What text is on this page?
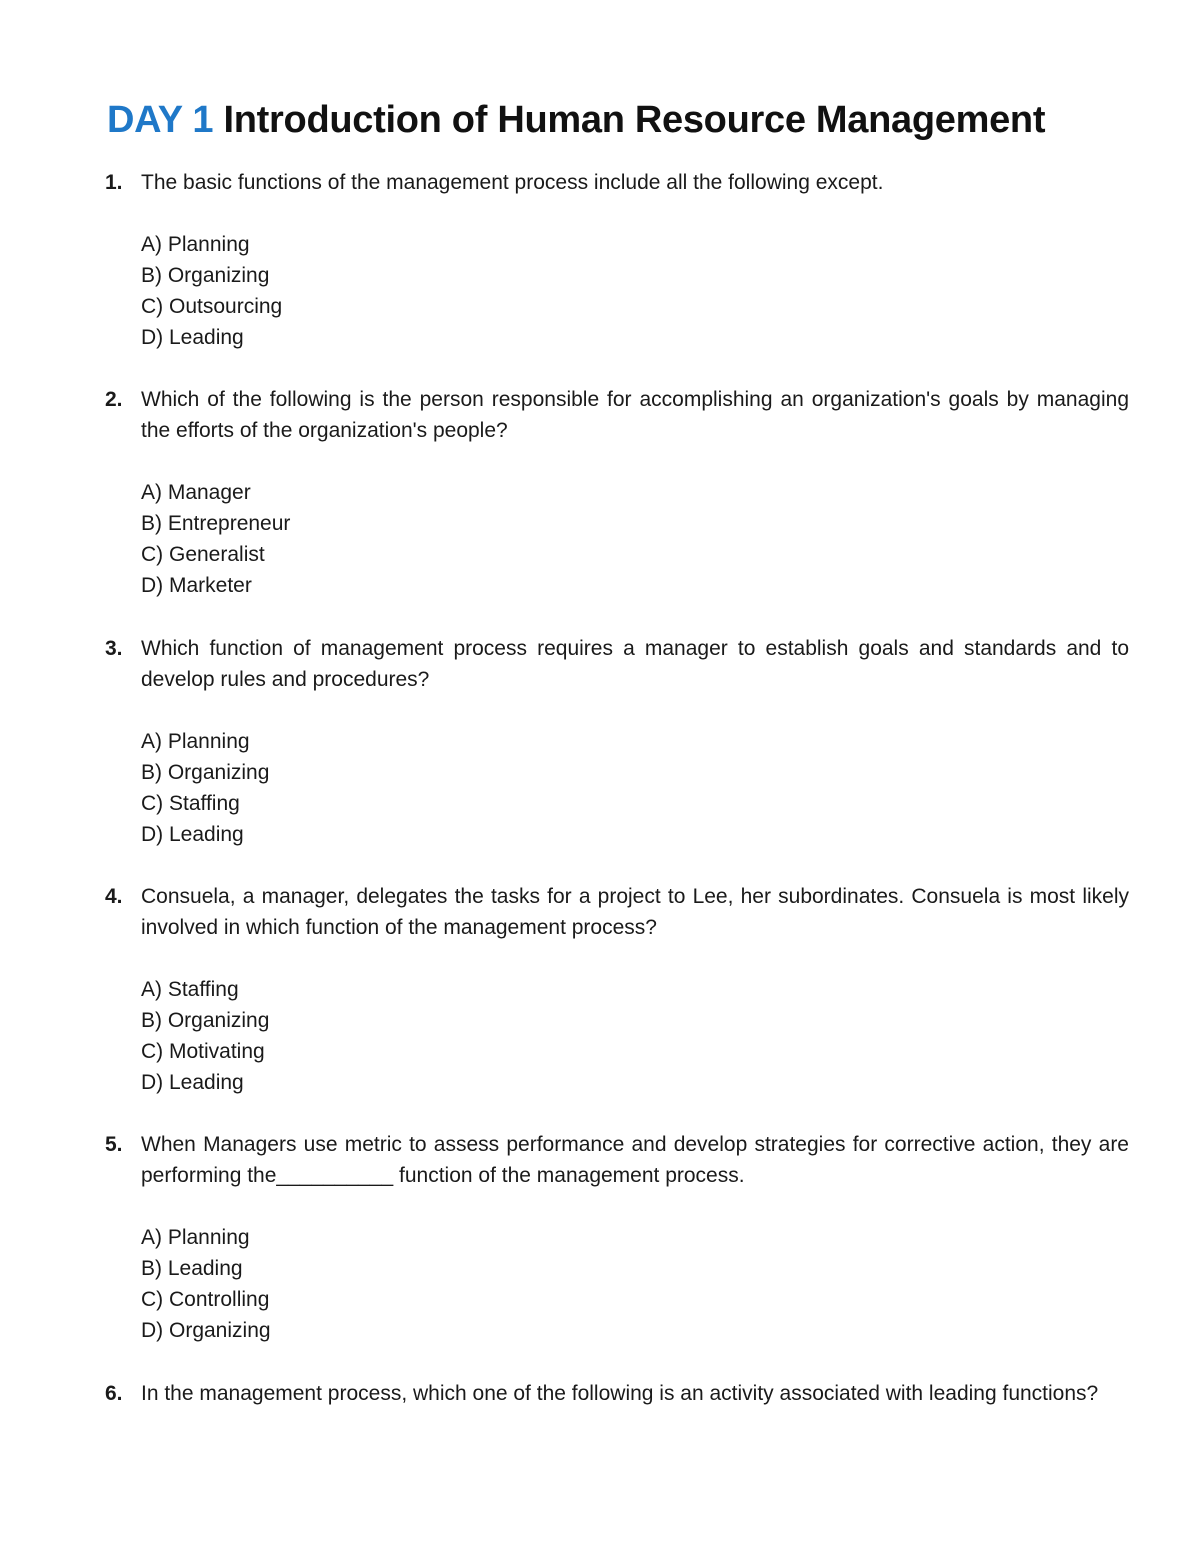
DAY 1 Introduction of Human Resource Management
1. The basic functions of the management process include all the following except.
A) Planning
B) Organizing
C) Outsourcing
D) Leading
2. Which of the following is the person responsible for accomplishing an organization's goals by managing the efforts of the organization's people?
A) Manager
B) Entrepreneur
C) Generalist
D) Marketer
3. Which function of management process requires a manager to establish goals and standards and to develop rules and procedures?
A) Planning
B) Organizing
C) Staffing
D) Leading
4. Consuela, a manager, delegates the tasks for a project to Lee, her subordinates. Consuela is most likely involved in which function of the management process?
A) Staffing
B) Organizing
C) Motivating
D) Leading
5. When Managers use metric to assess performance and develop strategies for corrective action, they are performing the__________ function of the management process.
A) Planning
B) Leading
C) Controlling
D) Organizing
6. In the management process, which one of the following is an activity associated with leading functions?
